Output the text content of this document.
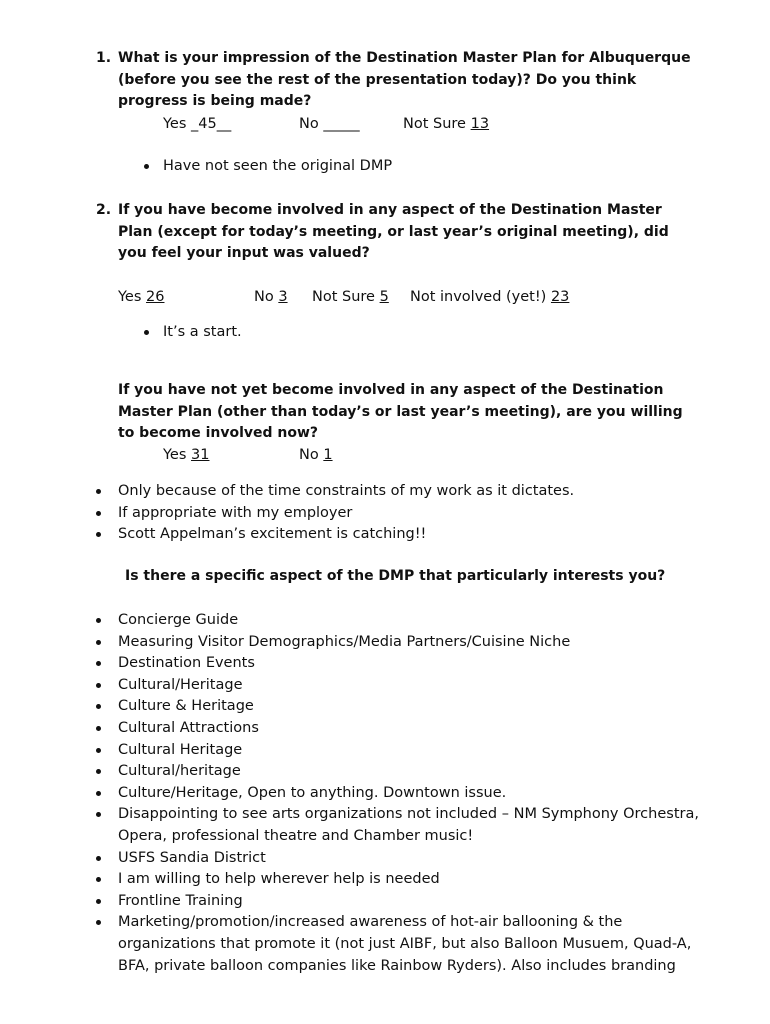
1. What is your impression of the Destination Master Plan for Albuquerque (before you see the rest of the presentation today)? Do you think progress is being made?
Yes _45__	No _____	Not Sure 13
Have not seen the original DMP
2. If you have become involved in any aspect of the Destination Master Plan (except for today’s meeting, or last year’s original meeting), did you feel your input was valued?
Yes 26	No 3 Not Sure 5 Not involved (yet!) 23
It’s a start.
If you have not yet become involved in any aspect of the Destination Master Plan (other than today’s or last year’s meeting), are you willing to become involved now?
Yes 31	No 1
Only because of the time constraints of my work as it dictates.
If appropriate with my employer
Scott Appelman’s excitement is catching!!
Is there a specific aspect of the DMP that particularly interests you?
Concierge Guide
Measuring Visitor Demographics/Media Partners/Cuisine Niche
Destination Events
Cultural/Heritage
Culture & Heritage
Cultural Attractions
Cultural Heritage
Cultural/heritage
Culture/Heritage, Open to anything. Downtown issue.
Disappointing to see arts organizations not included – NM Symphony Orchestra, Opera, professional theatre and Chamber music!
USFS Sandia District
I am willing to help wherever help is needed
Frontline Training
Marketing/promotion/increased awareness of hot-air ballooning & the organizations that promote it (not just AIBF, but also Balloon Musuem, Quad-A, BFA, private balloon companies like Rainbow Ryders). Also includes branding
